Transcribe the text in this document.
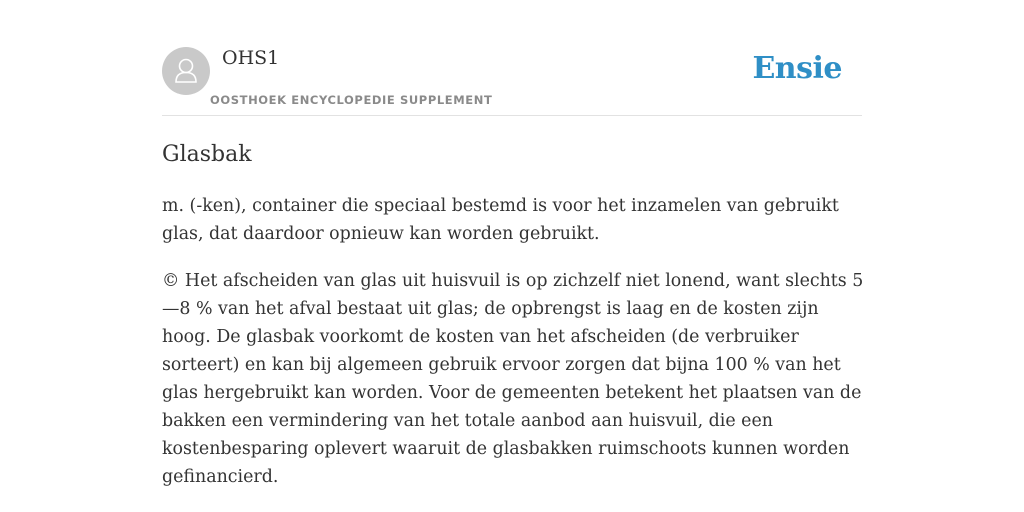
OHS1
OOSTHOEK ENCYCLOPEDIE SUPPLEMENT
Ensie
Glasbak

m. (-ken), container die speciaal bestemd is voor het inzamelen van gebruikt glas, dat daardoor opnieuw kan worden gebruikt.

© Het afscheiden van glas uit huisvuil is op zichzelf niet lonend, want slechts 5—8 % van het afval bestaat uit glas; de opbrengst is laag en de kosten zijn hoog. De glasbak voorkomt de kosten van het afscheiden (de verbruiker sorteert) en kan bij algemeen gebruik ervoor zorgen dat bijna 100 % van het glas hergebruikt kan worden. Voor de gemeenten betekent het plaatsen van de bakken een vermindering van het totale aanbod aan huisvuil, die een kostenbesparing oplevert waaruit de glasbakken ruimschoots kunnen worden gefinancierd.
